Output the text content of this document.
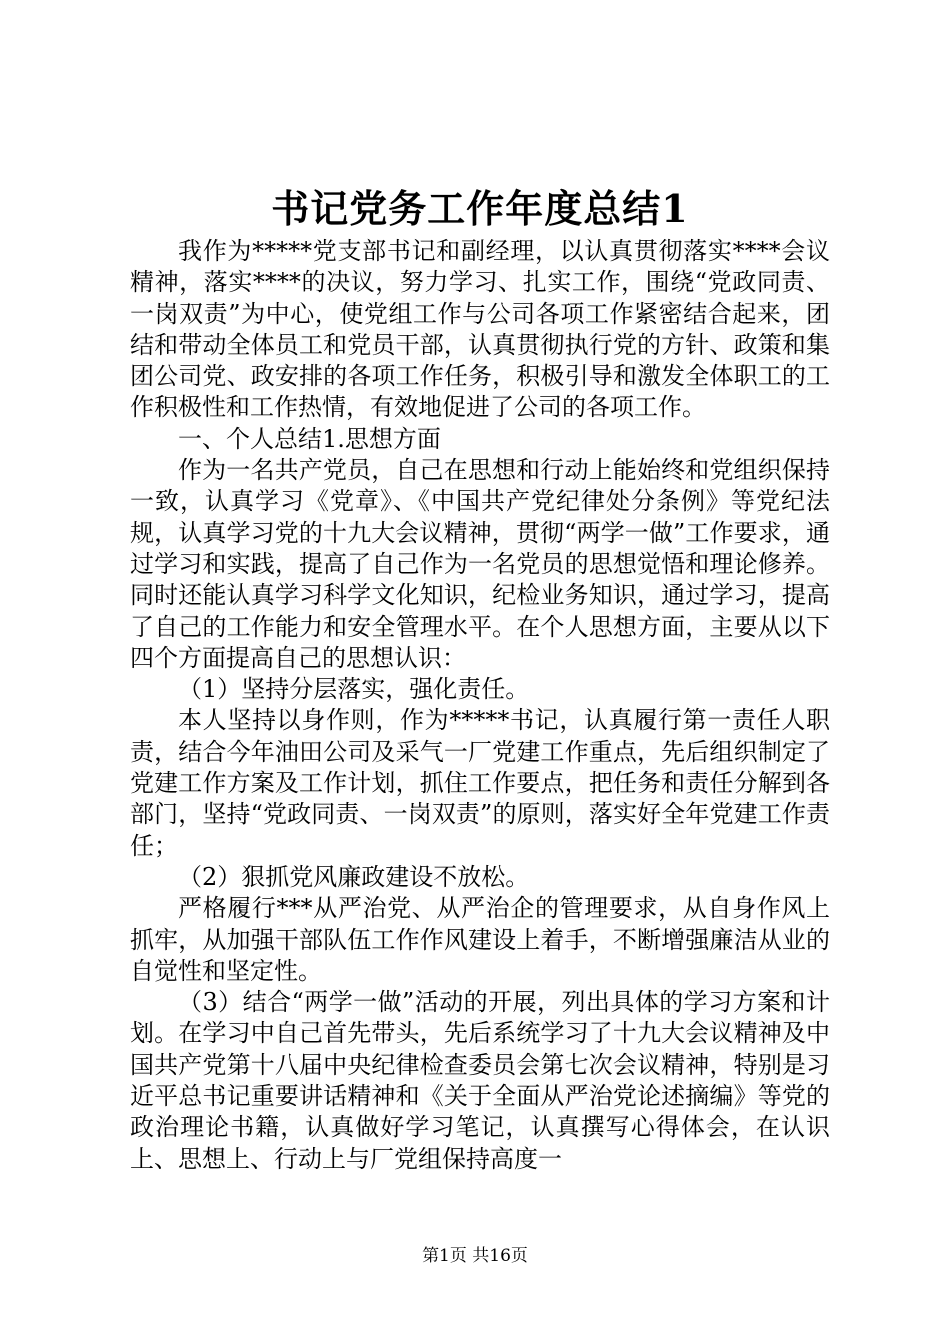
书记党务工作年度总结1

我作为*****党支部书记和副经理，以认真贯彻落实****会议精神，落实****的决议，努力学习、扎实工作，围绕“党政同责、一岗双责”为中心，使党组工作与公司各项工作紧密结合起来，团结和带动全体员工和党员干部，认真贯彻执行党的方针、政策和集团公司党、政安排的各项工作任务，积极引导和激发全体职工的工作积极性和工作热情，有效地促进了公司的各项工作。

一、个人总结1.思想方面

作为一名共产党员，自己在思想和行动上能始终和党组织保持一致，认真学习《党章》、《中国共产党纪律处分条例》等党纪法规，认真学习党的十九大会议精神，贯彻“两学一做”工作要求，通过学习和实践，提高了自己作为一名党员的思想觉悟和理论修养。同时还能认真学习科学文化知识，纪检业务知识，通过学习，提高了自己的工作能力和安全管理水平。在个人思想方面，主要从以下四个方面提高自己的思想认识：

（1）坚持分层落实，强化责任。

本人坚持以身作则，作为*****书记，认真履行第一责任人职责，结合今年油田公司及采气一厂党建工作重点，先后组织制定了党建工作方案及工作计划，抓住工作要点，把任务和责任分解到各部门，坚持“党政同责、一岗双责”的原则，落实好全年党建工作责任；

（2）狠抓党风廉政建设不放松。

严格履行***从严治党、从严治企的管理要求，从自身作风上抓牢，从加强干部队伍工作作风建设上着手，不断增强廉洁从业的自觉性和坚定性。

（3）结合“两学一做”活动的开展，列出具体的学习方案和计划。在学习中自己首先带头，先后系统学习了十九大会议精神及中国共产党第十八届中央纪律检查委员会第七次会议精神，特别是习近平总书记重要讲话精神和《关于全面从严治党论述摘编》等党的政治理论书籍，认真做好学习笔记，认真撰写心得体会，在认识上、思想上、行动上与厂党组保持高度一

第1页 共16页
